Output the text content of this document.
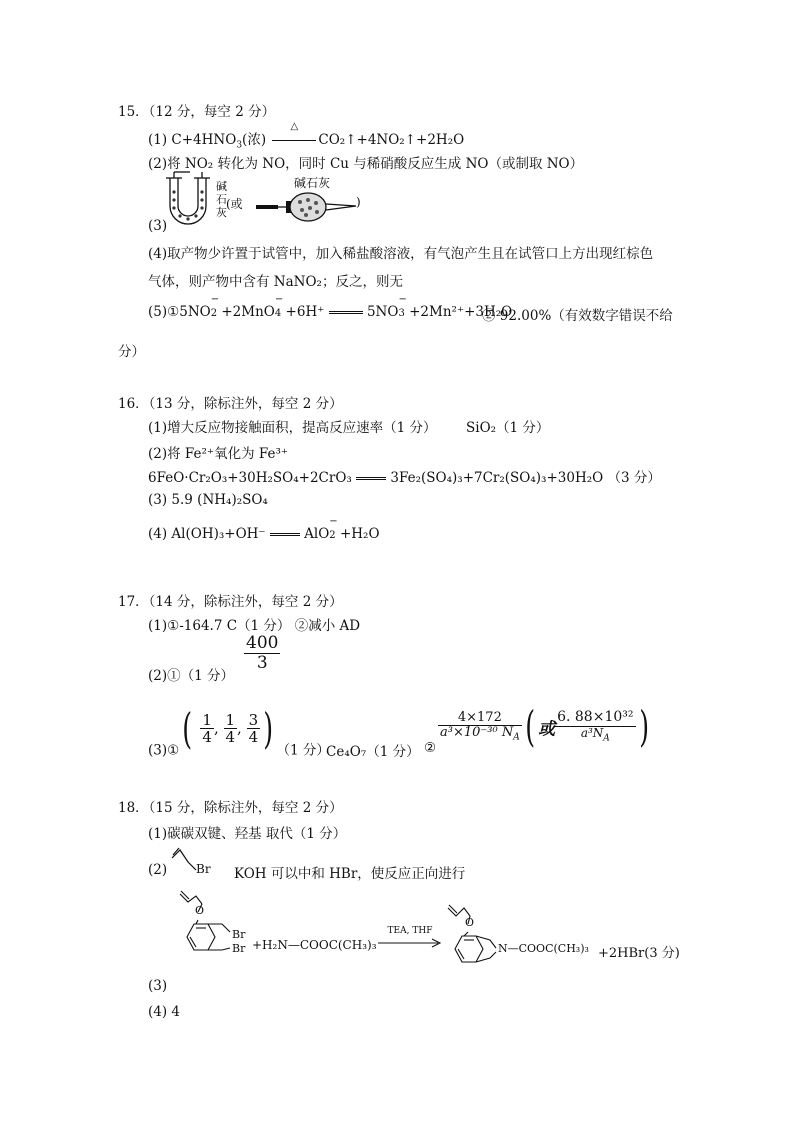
15．（12 分，每空 2 分）
(1) $C+4HNO_3$(浓)
△
CO₂↑+4NO₂↑+2H₂O
(2)将 NO₂ 转化为 NO，同时 Cu 与稀硝酸反应生成 NO（或制取 NO）
碱石灰
(或
碱石灰
)
(3)
(4)取产物少许置于试管中，加入稀盐酸溶液，有气泡产生且在试管口上方出现红棕色
气体，则产物中含有 NaNO₂；反之，则无
(5)①5NO
−
2 +2MnO
−
4 +6H⁺	5NO
−
3 +2Mn²⁺+3H₂O
② 92.00%（有效数字错误不给
分）
16．（13 分，除标注外，每空 2 分）
(1)增大反应物接触面积，提高反应速率（1 分） SiO₂（1 分）
(2)将 Fe²⁺氧化为 Fe³⁺
6FeO·Cr₂O₃+30H₂SO₄+2CrO₃	3Fe₂(SO₄)₃+7Cr₂(SO₄)₃+30H₂O （3 分）
(3) 5.9 (NH₄)₂SO₄
(4) Al(OH)₃+OH⁻	AlO
−
2 +H₂O
17．（14 分，除标注外，每空 2 分）
(1)①-164.7 C（1 分） ②减小 AD
$\frac{400}{3}$
(2)①（1 分）
(3)①( $\frac{1}{4}$ , $\frac{1}{4}$ , $\frac{3}{4}$ ) （1 分）
Ce₄O₇（1 分） ②
$\frac{4\times 172}{a^3\times 10^{-30} N_A}$ ( 或 $\frac{\text{6. 88×10³²}}{a^3N_A}$ )
18．（15 分，除标注外，每空 2 分）
(1)碳碳双键、羟基 取代（1 分）
(2) Br KOH 可以中和 HBr，使反应正向进行
O
Br
Br +H₂N—COOC(CH₃)₃
TEA, THF
O
N—COOC(CH₃)₃ +2HBr(3 分)
(3)
(4) 4
